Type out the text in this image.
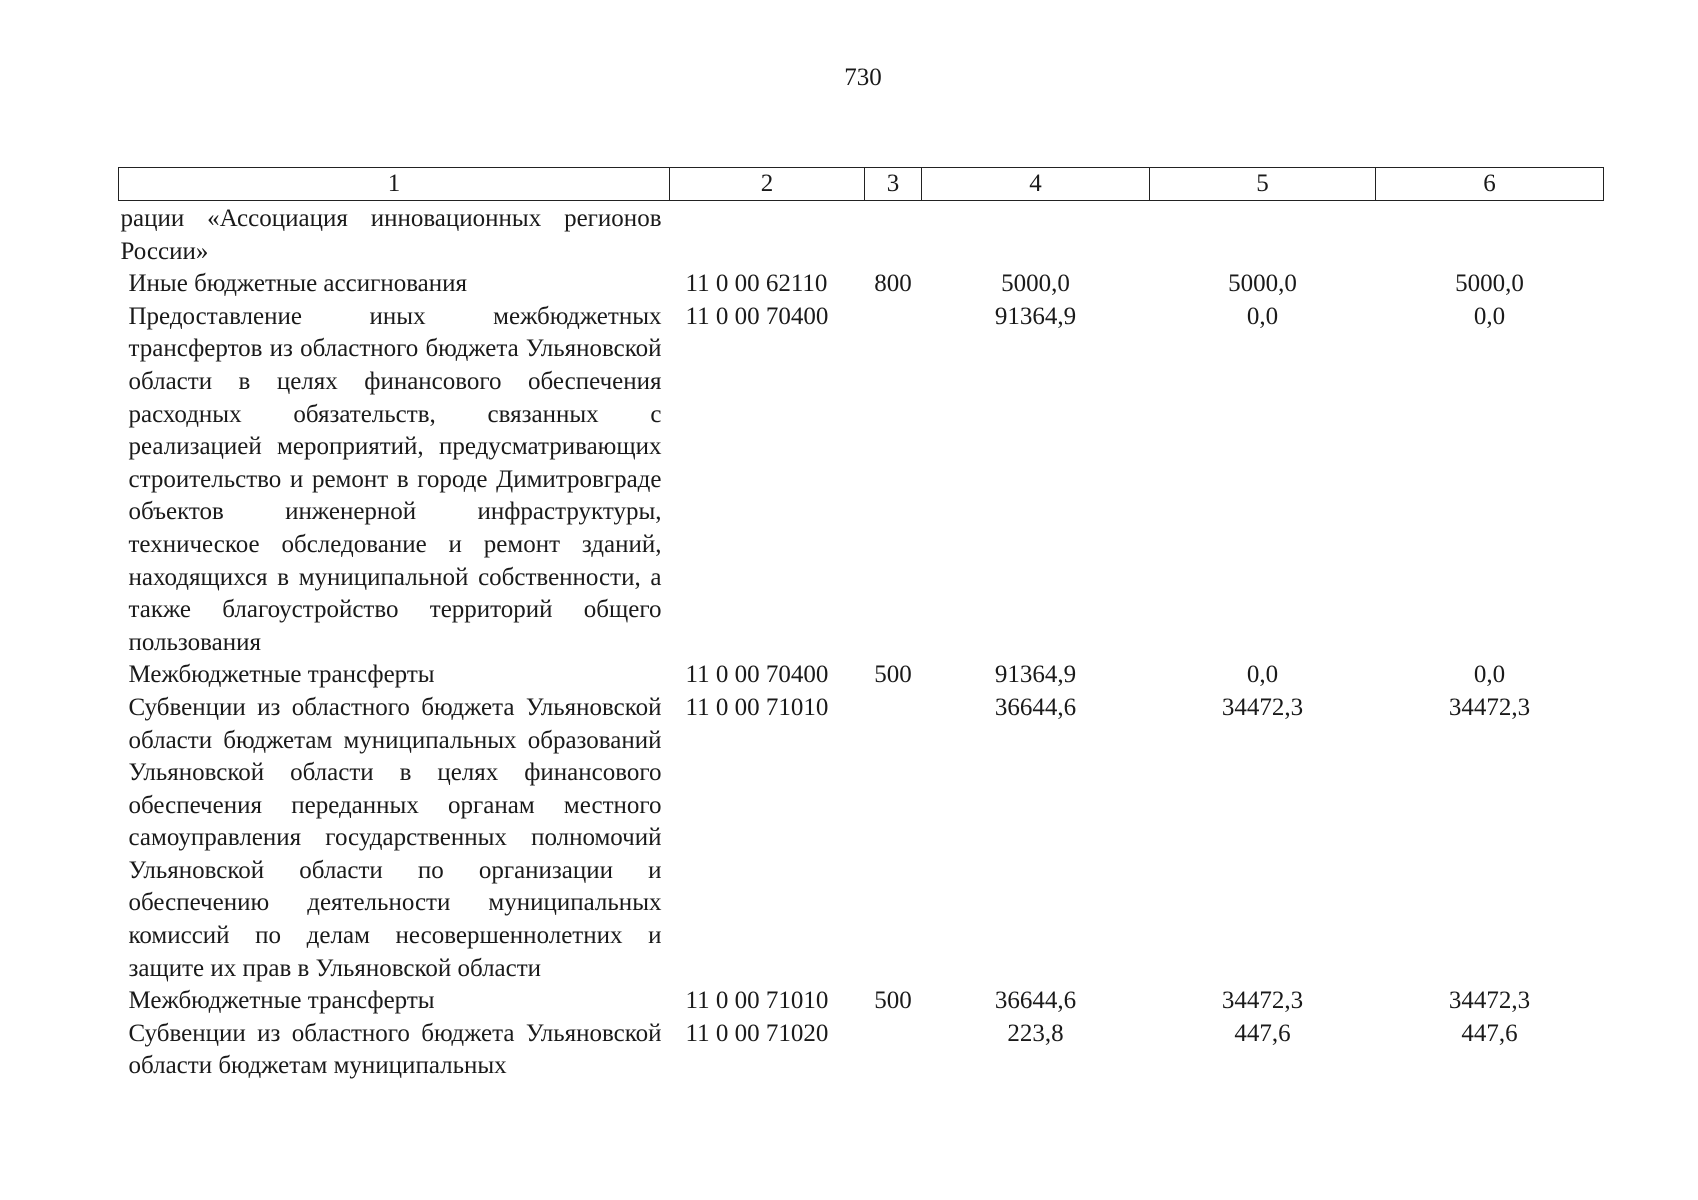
730
1	2	3	4	5	6
рации «Ассоциация инновационных регионов России»					
Иные бюджетные ассигнования	11 0 00 62110	800	5000,0	5000,0	5000,0
Предоставление иных межбюджетных трансфертов из областного бюджета Ульяновской области в целях финансового обеспечения расходных обязательств, связанных с реализацией мероприятий, предусматривающих строительство и ремонт в городе Димитровграде объектов инженерной инфраструктуры, техническое обследование и ремонт зданий, находящихся в муниципальной собственности, а также благоустройство территорий общего пользования	11 0 00 70400		91364,9	0,0	0,0
Межбюджетные трансферты	11 0 00 70400	500	91364,9	0,0	0,0
Субвенции из областного бюджета Ульяновской области бюджетам муниципальных образований Ульяновской области в целях финансового обеспечения переданных органам местного самоуправления государственных полномочий Ульяновской области по организации и обеспечению деятельности муниципальных комиссий по делам несовершеннолетних и защите их прав в Ульяновской области	11 0 00 71010		36644,6	34472,3	34472,3
Межбюджетные трансферты	11 0 00 71010	500	36644,6	34472,3	34472,3
Субвенции из областного бюджета Ульяновской области бюджетам муниципальных	11 0 00 71020		223,8	447,6	447,6
